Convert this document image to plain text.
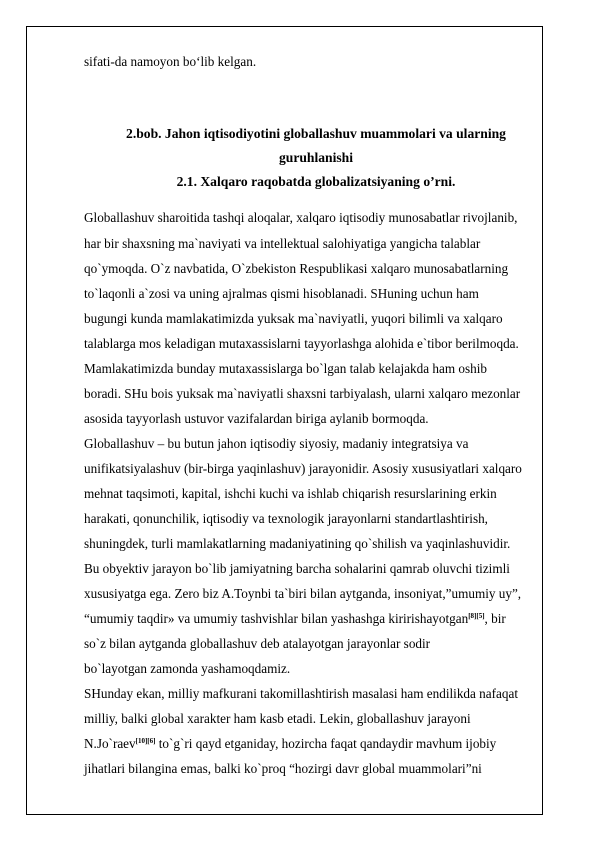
sifati-da namoyon bo‘lib kelgan.
2.bob. Jahon iqtisodiyotini globallashuv muammolari va ularning
guruhlanishi
2.1. Xalqaro raqobatda globalizatsiyaning o’rni.
Globallashuv sharoitida tashqi aloqalar, xalqaro iqtisodiy munosabatlar rivojlanib,
har bir shaxsning ma`naviyati va intellektual salohiyatiga yangicha talablar
qo`ymoqda. O`z navbatida, O`zbekiston Respublikasi xalqaro munosabatlarning
to`laqonli a`zosi va uning ajralmas qismi hisoblanadi. SHuning uchun ham
bugungi kunda mamlakatimizda yuksak ma`naviyatli, yuqori bilimli va xalqaro
talablarga mos keladigan mutaxassislarni tayyorlashga alohida e`tibor berilmoqda.
Mamlakatimizda bunday mutaxassislarga bo`lgan talab kelajakda ham oshib
boradi. SHu bois yuksak ma`naviyatli shaxsni tarbiyalash, ularni xalqaro mezonlar
asosida tayyorlash ustuvor vazifalardan biriga aylanib bormoqda.
Globallashuv – bu butun jahon iqtisodiy siyosiy, madaniy integratsiya va
unifikatsiyalashuv (bir-birga yaqinlashuv) jarayonidir. Asosiy xususiyatlari xalqaro
mehnat taqsimoti, kapital, ishchi kuchi va ishlab chiqarish resurslarining erkin
harakati, qonunchilik, iqtisodiy va texnologik jarayonlarni standartlashtirish,
shuningdek, turli mamlakatlarning madaniyatining qo`shilish va yaqinlashuvidir.
Bu obyektiv jarayon bo`lib jamiyatning barcha sohalarini qamrab oluvchi tizimli
xususiyatga ega. Zero biz A.Toynbi ta`biri bilan aytganda, insoniyat,”umumiy uy”,
“umumiy taqdir» va umumiy tashvishlar bilan yashashga kiririshayotgan[8][5], bir
so`z bilan aytganda globallashuv deb atalayotgan jarayonlar sodir
bo`layotgan zamonda yashamoqdamiz.
SHunday ekan, milliy mafkurani takomillashtirish masalasi ham endilikda nafaqat
milliy, balki global xarakter ham kasb etadi. Lekin, globallashuv jarayoni
N.Jo`raev[10][6] to`g`ri qayd etganiday, hozircha faqat qandaydir mavhum ijobiy
jihatlari bilangina emas, balki ko`proq “hozirgi davr global muammolari”ni
